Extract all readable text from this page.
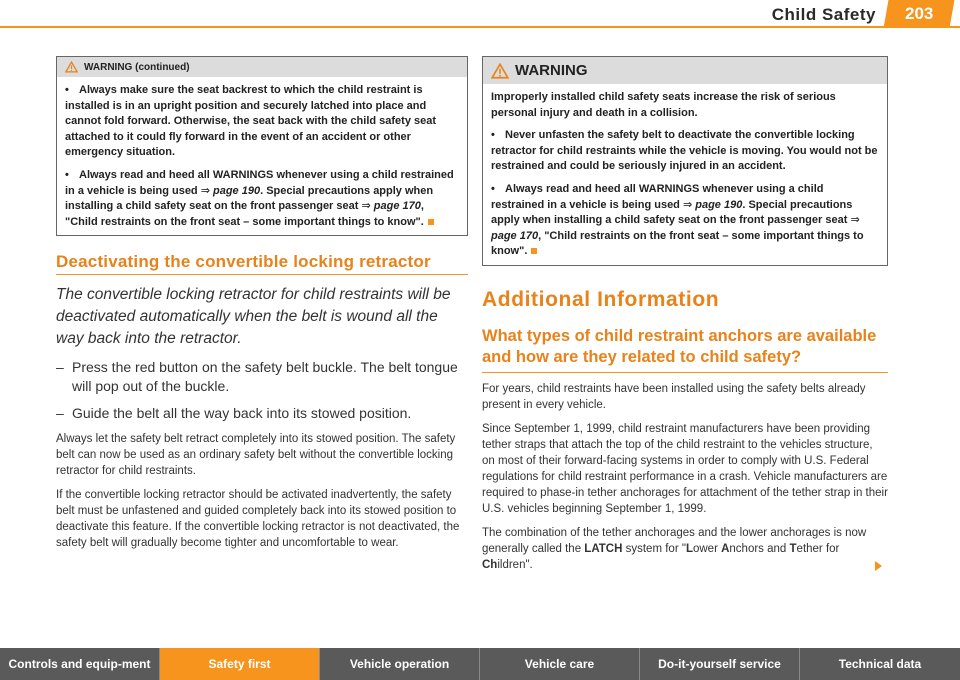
Child Safety	203
WARNING (continued)

• Always make sure the seat backrest to which the child restraint is installed is in an upright position and securely latched into place and cannot fold forward. Otherwise, the seat back with the child safety seat attached to it could fly forward in the event of an accident or other emergency situation.

• Always read and heed all WARNINGS whenever using a child restrained in a vehicle is being used ⇒ page 190. Special precautions apply when installing a child safety seat on the front passenger seat ⇒ page 170, "Child restraints on the front seat – some important things to know".

Deactivating the convertible locking retractor
The convertible locking retractor for child restraints will be deactivated automatically when the belt is wound all the way back into the retractor.
– Press the red button on the safety belt buckle. The belt tongue will pop out of the buckle.
– Guide the belt all the way back into its stowed position.
Always let the safety belt retract completely into its stowed position. The safety belt can now be used as an ordinary safety belt without the convertible locking retractor for child restraints.
If the convertible locking retractor should be activated inadvertently, the safety belt must be unfastened and guided completely back into its stowed position to deactivate this feature. If the convertible locking retractor is not deactivated, the safety belt will gradually become tighter and uncomfortable to wear.
WARNING

Improperly installed child safety seats increase the risk of serious personal injury and death in a collision.

• Never unfasten the safety belt to deactivate the convertible locking retractor for child restraints while the vehicle is moving. You would not be restrained and could be seriously injured in an accident.

• Always read and heed all WARNINGS whenever using a child restrained in a vehicle is being used ⇒ page 190. Special precautions apply when installing a child safety seat on the front passenger seat ⇒ page 170, "Child restraints on the front seat – some important things to know".

Additional Information
What types of child restraint anchors are available and how are they related to child safety?
For years, child restraints have been installed using the safety belts already present in every vehicle.
Since September 1, 1999, child restraint manufacturers have been providing tether straps that attach the top of the child restraint to the vehicles structure, on most of their forward-facing systems in order to comply with U.S. Federal regulations for child restraint performance in a crash. Vehicle manufacturers are required to phase-in tether anchorages for attachment of the tether strap in their U.S. vehicles beginning September 1, 1999.
The combination of the tether anchorages and the lower anchorages is now generally called the LATCH system for "Lower Anchors and Tether for Children".
Controls and equip-ment	Safety first	Vehicle operation	Vehicle care	Do-it-yourself service	Technical data
